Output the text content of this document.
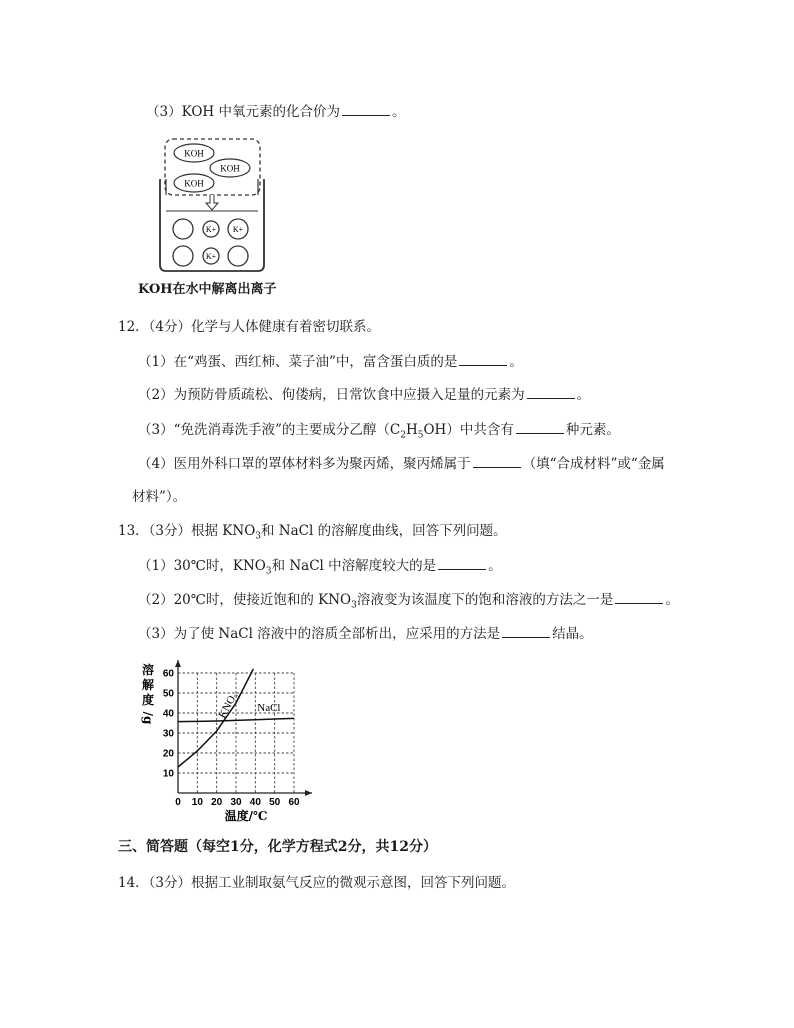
（3）KOH 中氧元素的化合价为	。
KOH
KOH
KOH
K+ K+
K+
KOH在水中解离出离子
12．（4分）化学与人体健康有着密切联系。
（1）在“鸡蛋、西红柿、菜子油”中，富含蛋白质的是	。
（2）为预防骨质疏松、佝偻病，日常饮食中应摄入足量的元素为	。
（3）“免洗消毒洗手液”的主要成分乙醇$(C_2H_5OH)$中共含有	种元素。
（4）医用外科口罩的罩体材料多为聚丙烯，聚丙烯属于	（填“合成材料”或“金属
材料”）。
13．（3分）根据 $KNO_3$和 NaCl 的溶解度曲线，回答下列问题。
（1）30℃时，$KNO_3$和 NaCl 中溶解度较大的是	。
（2）20℃时，使接近饱和的 $KNO_3$溶液变为该温度下的饱和溶液的方法之一是	。
（3）为了使 NaCl 溶液中的溶质全部析出，应采用的方法是	结晶。
0 10 20 30 40 50 60
10
20
30
40
50
60
溶
解
度
/g
温度/℃
KNO₃ NaCl
三、简答题（每空1分，化学方程式2分，共12分）
14．（3分）根据工业制取氨气反应的微观示意图，回答下列问题。
